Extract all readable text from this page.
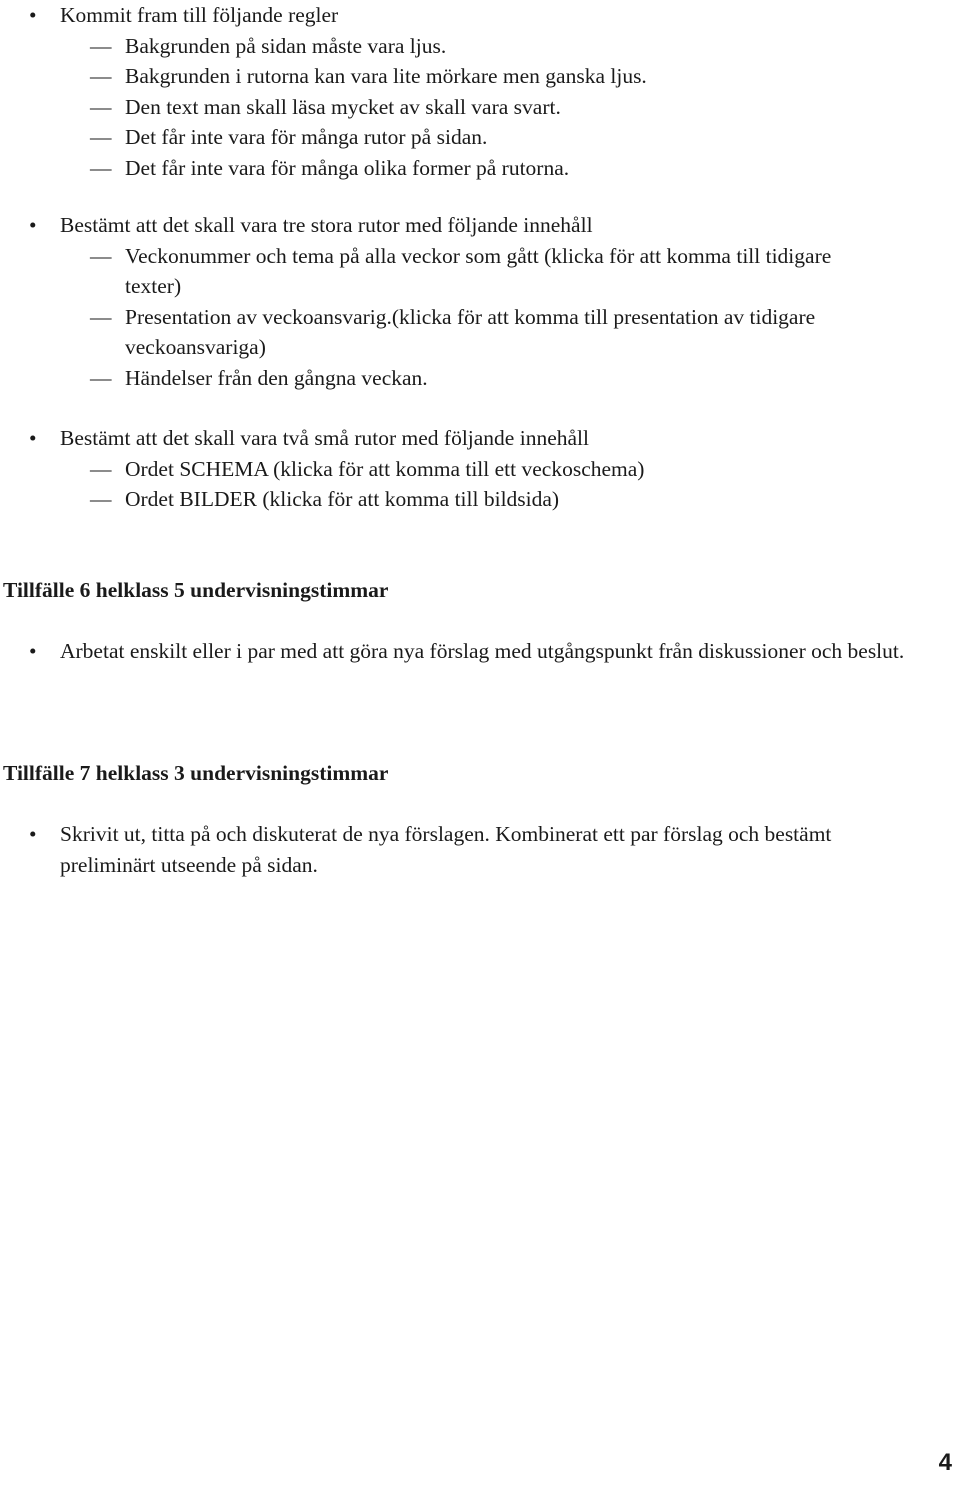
•	Kommit fram till följande regler
— Bakgrunden på sidan måste vara ljus.
— Bakgrunden i rutorna kan vara lite mörkare men ganska ljus.
— Den text man skall läsa mycket av skall vara svart.
— Det får inte vara för många rutor på sidan.
— Det får inte vara för många olika former på rutorna.
•	Bestämt att det skall vara tre stora rutor med följande innehåll
— Veckonummer och tema på alla veckor som gått (klicka för att komma till tidigare texter)
— Presentation av veckoansvarig.(klicka för att komma till presentation av tidigare veckoansvariga)
— Händelser från den gångna veckan.
•	Bestämt att det skall vara två små rutor med följande innehåll
— Ordet SCHEMA (klicka för att komma till ett veckoschema)
— Ordet BILDER (klicka för att komma till bildsida)
Tillfälle 6 helklass 5 undervisningstimmar
•	Arbetat enskilt eller i par med att göra nya förslag med utgångspunkt från diskussioner och beslut.
Tillfälle 7 helklass 3 undervisningstimmar
•	Skrivit ut, titta på och diskuterat de nya förslagen. Kombinerat ett par förslag och bestämt preliminärt utseende på sidan.
4
